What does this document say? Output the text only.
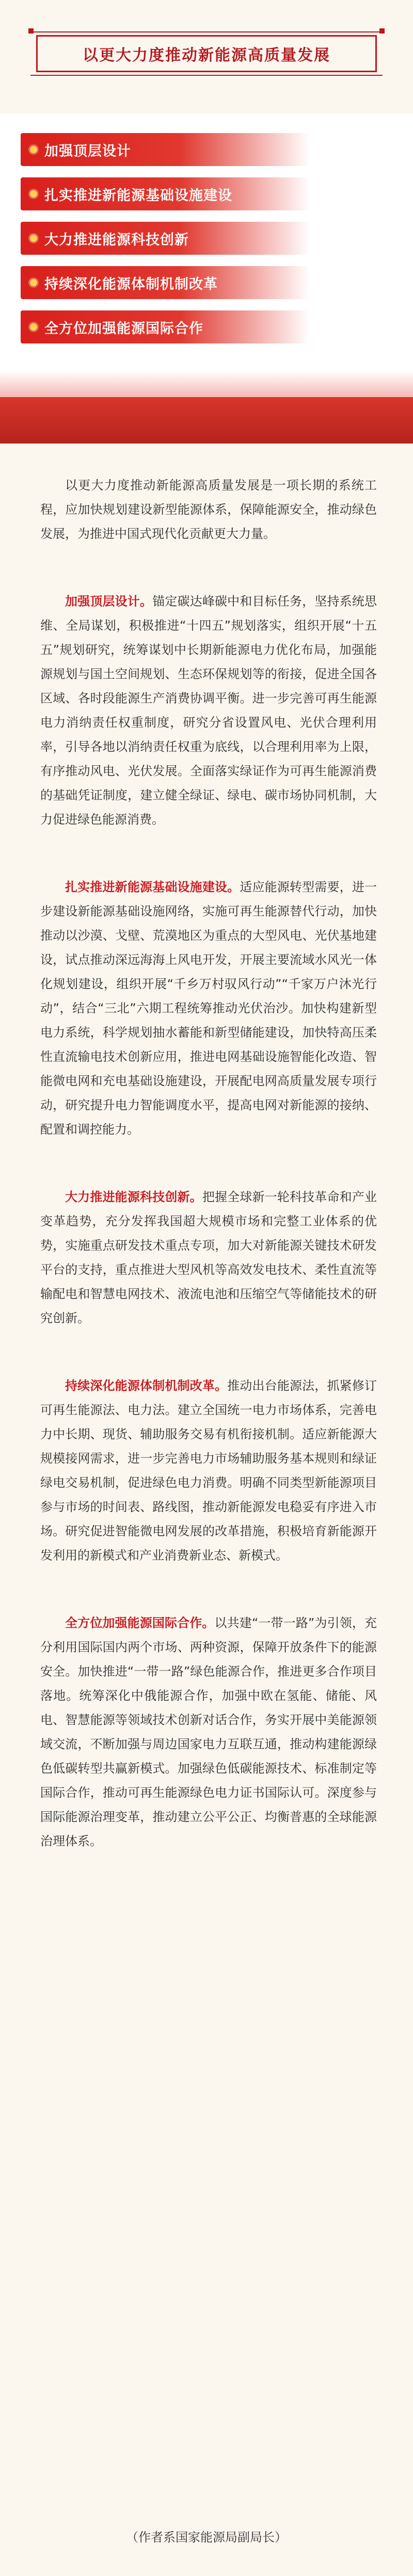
以更大力度推动新能源高质量发展
加强顶层设计
扎实推进新能源基础设施建设
大力推进能源科技创新
持续深化能源体制机制改革
全方位加强能源国际合作

以更大力度推动新能源高质量发展是一项长期的系统工程，应加快规划建设新型能源体系，保障能源安全，推动绿色发展，为推进中国式现代化贡献更大力量。

加强顶层设计。锚定碳达峰碳中和目标任务，坚持系统思维、全局谋划，积极推进“十四五”规划落实，组织开展“十五五”规划研究，统筹谋划中长期新能源电力优化布局，加强能源规划与国土空间规划、生态环保规划等的衔接，促进全国各区域、各时段能源生产消费协调平衡。进一步完善可再生能源电力消纳责任权重制度，研究分省设置风电、光伏合理利用率，引导各地以消纳责任权重为底线，以合理利用率为上限，有序推动风电、光伏发展。全面落实绿证作为可再生能源消费的基础凭证制度，建立健全绿证、绿电、碳市场协同机制，大力促进绿色能源消费。

扎实推进新能源基础设施建设。适应能源转型需要，进一步建设新能源基础设施网络，实施可再生能源替代行动，加快推动以沙漠、戈壁、荒漠地区为重点的大型风电、光伏基地建设，试点推动深远海海上风电开发，开展主要流域水风光一体化规划建设，组织开展“千乡万村驭风行动”“千家万户沐光行动”，结合“三北”六期工程统筹推动光伏治沙。加快构建新型电力系统，科学规划抽水蓄能和新型储能建设，加快特高压柔性直流输电技术创新应用，推进电网基础设施智能化改造、智能微电网和充电基础设施建设，开展配电网高质量发展专项行动，研究提升电力智能调度水平，提高电网对新能源的接纳、配置和调控能力。

大力推进能源科技创新。把握全球新一轮科技革命和产业变革趋势，充分发挥我国超大规模市场和完整工业体系的优势，实施重点研发技术重点专项，加大对新能源关键技术研发平台的支持，重点推进大型风机等高效发电技术、柔性直流等输配电和智慧电网技术、液流电池和压缩空气等储能技术的研究创新。

持续深化能源体制机制改革。推动出台能源法，抓紧修订可再生能源法、电力法。建立全国统一电力市场体系，完善电力中长期、现货、辅助服务交易有机衔接机制。适应新能源大规模接网需求，进一步完善电力市场辅助服务基本规则和绿证绿电交易机制，促进绿色电力消费。明确不同类型新能源项目参与市场的时间表、路线图，推动新能源发电稳妥有序进入市场。研究促进智能微电网发展的改革措施，积极培育新能源开发利用的新模式和产业消费新业态、新模式。

全方位加强能源国际合作。以共建“一带一路”为引领，充分利用国际国内两个市场、两种资源，保障开放条件下的能源安全。加快推进“一带一路”绿色能源合作，推进更多合作项目落地。统筹深化中俄能源合作，加强中欧在氢能、储能、风电、智慧能源等领域技术创新对话合作，务实开展中美能源领域交流，不断加强与周边国家电力互联互通，推动构建能源绿色低碳转型共赢新模式。加强绿色低碳能源技术、标准制定等国际合作，推动可再生能源绿色电力证书国际认可。深度参与国际能源治理变革，推动建立公平公正、均衡普惠的全球能源治理体系。

（作者系国家能源局副局长）
